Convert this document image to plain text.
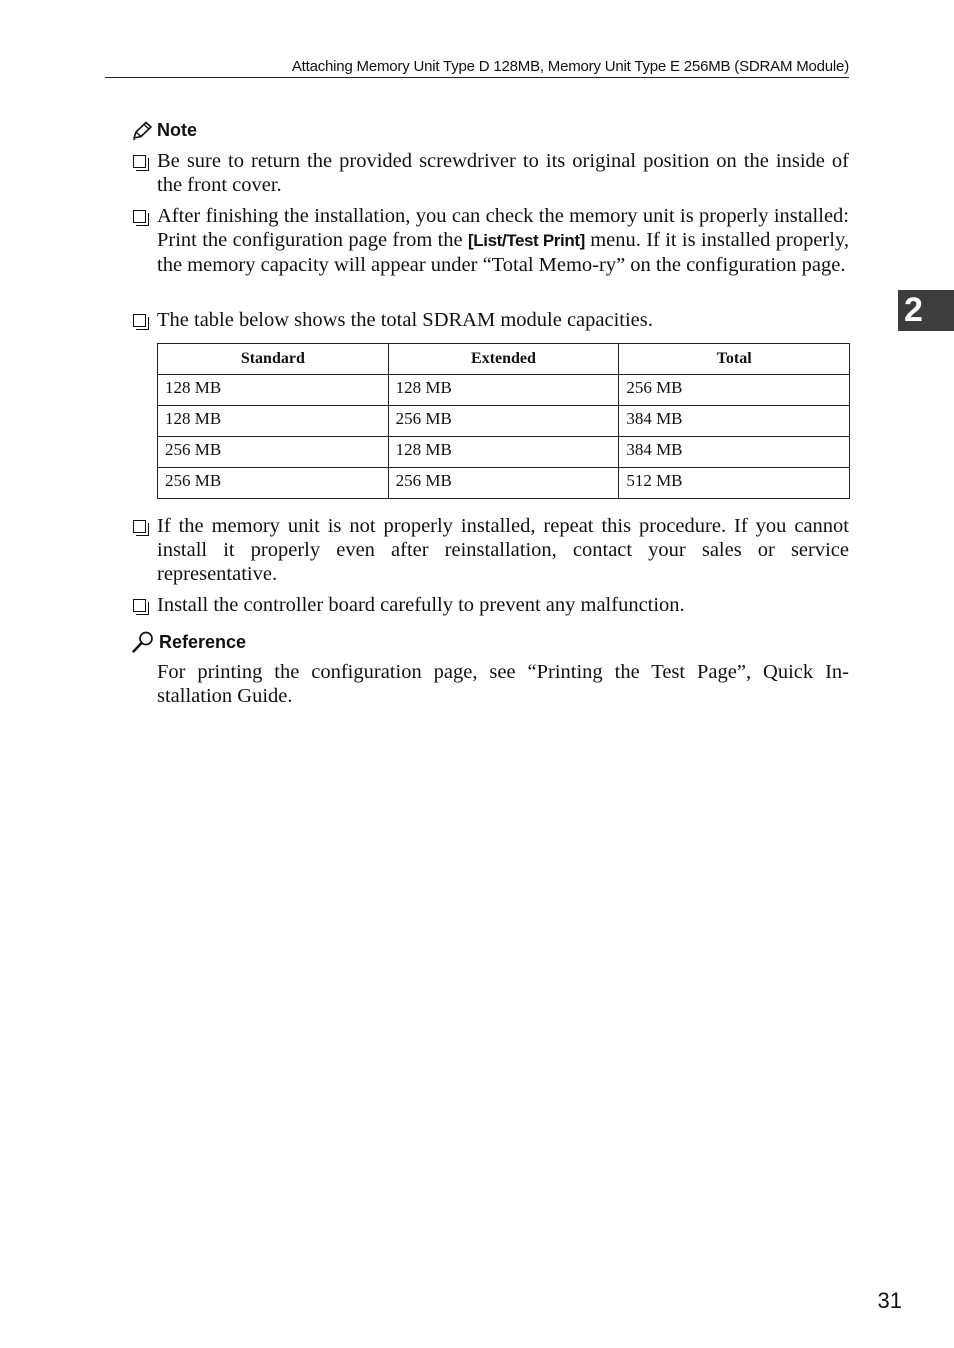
Attaching Memory Unit Type D 128MB, Memory Unit Type E 256MB (SDRAM Module)
2
Note
Be sure to return the provided screwdriver to its original position on the inside of the front cover.
After finishing the installation, you can check the memory unit is properly installed: Print the configuration page from the [List/Test Print] menu. If it is installed properly, the memory capacity will appear under “Total Memo-ry” on the configuration page.
The table below shows the total SDRAM module capacities.
Standard	Extended	Total
128 MB	128 MB	256 MB
128 MB	256 MB	384 MB
256 MB	128 MB	384 MB
256 MB	256 MB	512 MB
If the memory unit is not properly installed, repeat this procedure. If you cannot install it properly even after reinstallation, contact your sales or service representative.
Install the controller board carefully to prevent any malfunction.
Reference
For printing the configuration page, see “Printing the Test Page”, Quick In-stallation Guide.
31
